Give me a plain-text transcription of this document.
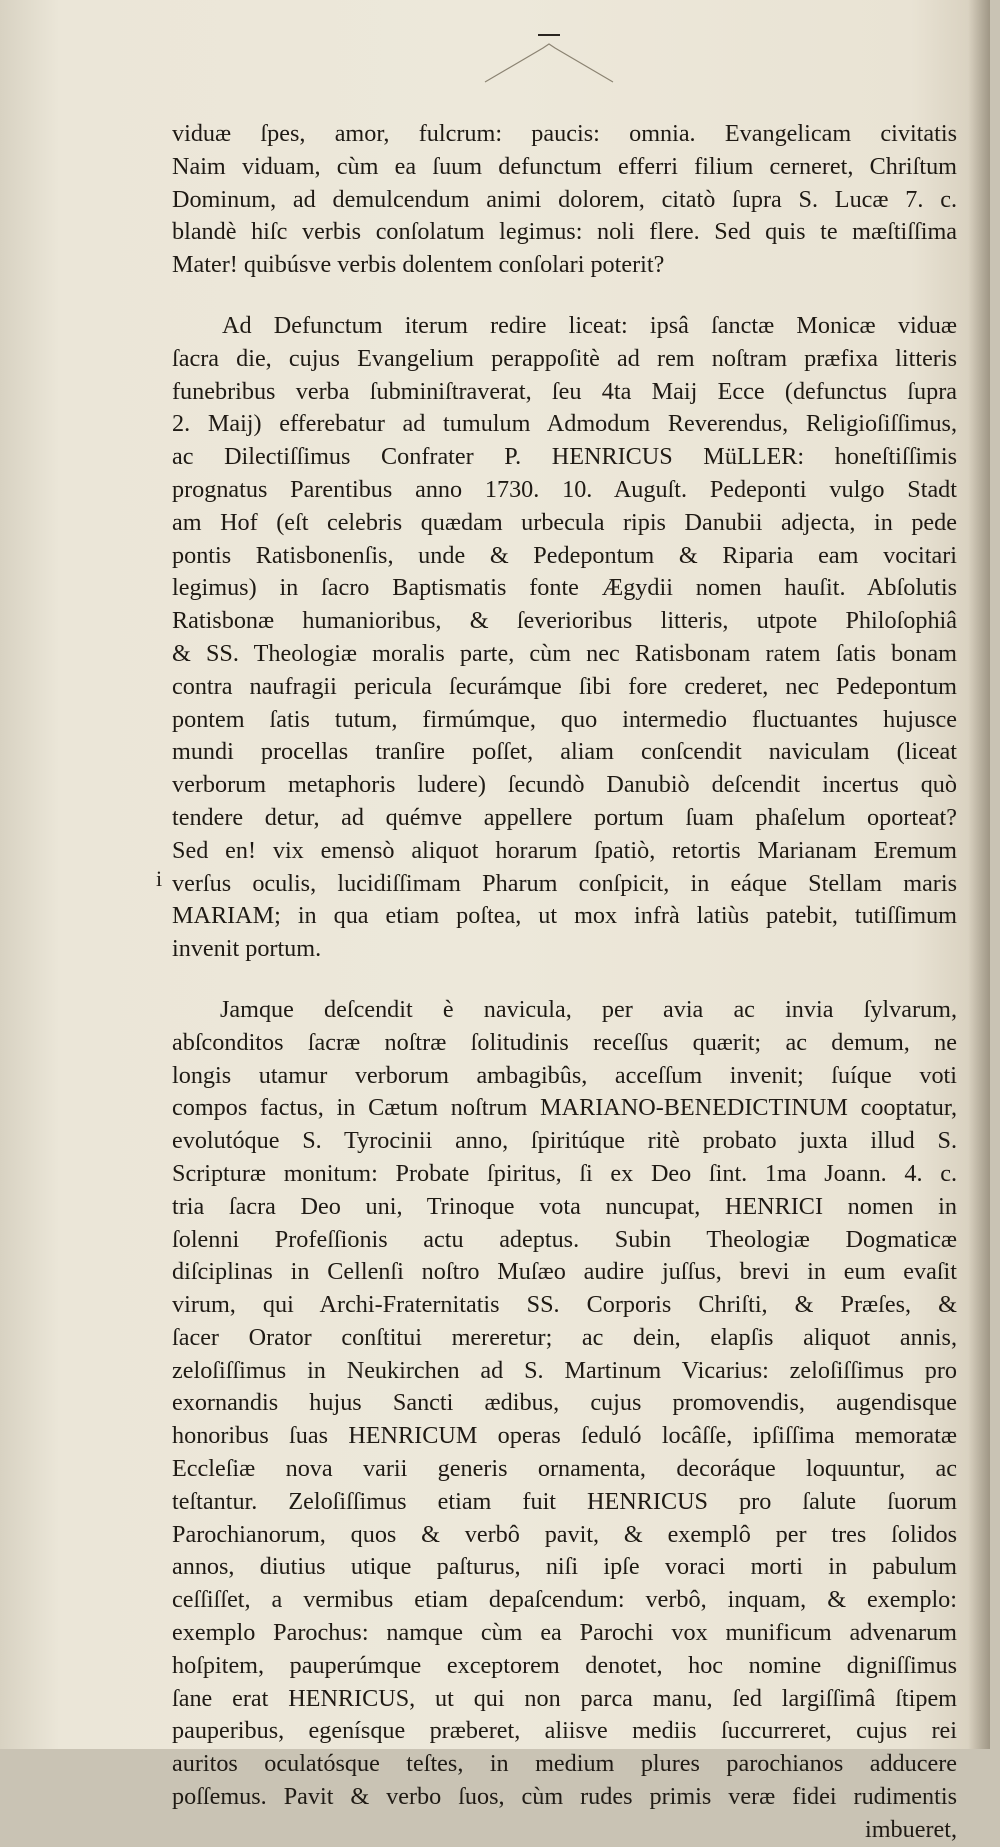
i
viduæ ſpes, amor, fulcrum: paucis: omnia. Evangelicam civitatis
Naim viduam, cùm ea ſuum defunctum efferri filium cerneret, Chriſtum
Dominum, ad demulcendum animi dolorem, citatò ſupra S. Lucæ 7. c.
blandè hiſc verbis conſolatum legimus: noli flere. Sed quis te mæſtiſſima
Mater! quibúsve verbis dolentem conſolari poterit?
Ad Defunctum iterum redire liceat: ipsâ ſanctæ Monicæ viduæ
ſacra die, cujus Evangelium perappoſitè ad rem noſtram præfixa litteris
funebribus verba ſubminiſtraverat, ſeu 4ta Maij Ecce (defunctus ſupra
2. Maij) efferebatur ad tumulum Admodum Reverendus, Religioſiſſimus,
ac Dilectiſſimus Confrater P. HENRICUS MüLLER: honeſtiſſimis
prognatus Parentibus anno 1730. 10. Auguſt. Pedeponti vulgo Stadt
am Hof (eſt celebris quædam urbecula ripis Danubii adjecta, in pede
pontis Ratisbonenſis, unde & Pedepontum & Riparia eam vocitari
legimus) in ſacro Baptismatis fonte Ægydii nomen hauſit. Abſolutis
Ratisbonæ humanioribus, & ſeverioribus litteris, utpote Philoſophiâ
& SS. Theologiæ moralis parte, cùm nec Ratisbonam ratem ſatis bonam
contra naufragii pericula ſecurámque ſibi fore crederet, nec Pedepontum
pontem ſatis tutum, firmúmque, quo intermedio fluctuantes hujusce
mundi procellas tranſire poſſet, aliam conſcendit naviculam (liceat
verborum metaphoris ludere) ſecundò Danubiò deſcendit incertus quò
tendere detur, ad quémve appellere portum ſuam phaſelum oporteat?
Sed en! vix emensò aliquot horarum ſpatiò, retortis Marianam Eremum
verſus oculis, lucidiſſimam Pharum conſpicit, in eáque Stellam maris
MARIAM; in qua etiam poſtea, ut mox infrà latiùs patebit, tutiſſimum
invenit portum.
Jamque deſcendit è navicula, per avia ac invia ſylvarum,
abſconditos ſacræ noſtræ ſolitudinis receſſus quærit; ac demum, ne
longis utamur verborum ambagibûs, acceſſum invenit; ſuíque voti
compos factus, in Cætum noſtrum MARIANO-BENEDICTINUM cooptatur,
evolutóque S. Tyrocinii anno, ſpiritúque ritè probato juxta illud S.
Scripturæ monitum: Probate ſpiritus, ſi ex Deo ſint. 1ma Joann. 4. c.
tria ſacra Deo uni, Trinoque vota nuncupat, HENRICI nomen in
ſolenni Profeſſionis actu adeptus. Subin Theologiæ Dogmaticæ
diſciplinas in Cellenſi noſtro Muſæo audire juſſus, brevi in eum evaſit
virum, qui Archi-Fraternitatis SS. Corporis Chriſti, & Præſes, &
ſacer Orator conſtitui mereretur; ac dein, elapſis aliquot annis,
zeloſiſſimus in Neukirchen ad S. Martinum Vicarius: zeloſiſſimus pro
exornandis hujus Sancti ædibus, cujus promovendis, augendisque
honoribus ſuas HENRICUM operas ſeduló locâſſe, ipſiſſima memoratæ
Eccleſiæ nova varii generis ornamenta, decoráque loquuntur, ac
teſtantur. Zeloſiſſimus etiam fuit HENRICUS pro ſalute ſuorum
Parochianorum, quos & verbô pavit, & exemplô per tres ſolidos
annos, diutius utique paſturus, niſi ipſe voraci morti in pabulum
ceſſiſſet, a vermibus etiam depaſcendum: verbô, inquam, & exemplo:
exemplo Parochus: namque cùm ea Parochi vox munificum advenarum
hoſpitem, pauperúmque exceptorem denotet, hoc nomine digniſſimus
ſane erat HENRICUS, ut qui non parca manu, ſed largiſſimâ ſtipem
pauperibus, egenísque præberet, aliisve mediis ſuccurreret, cujus rei
auritos oculatósque teſtes, in medium plures parochianos adducere
poſſemus. Pavit & verbo ſuos, cùm rudes primis veræ fidei rudimentis
imbueret,
